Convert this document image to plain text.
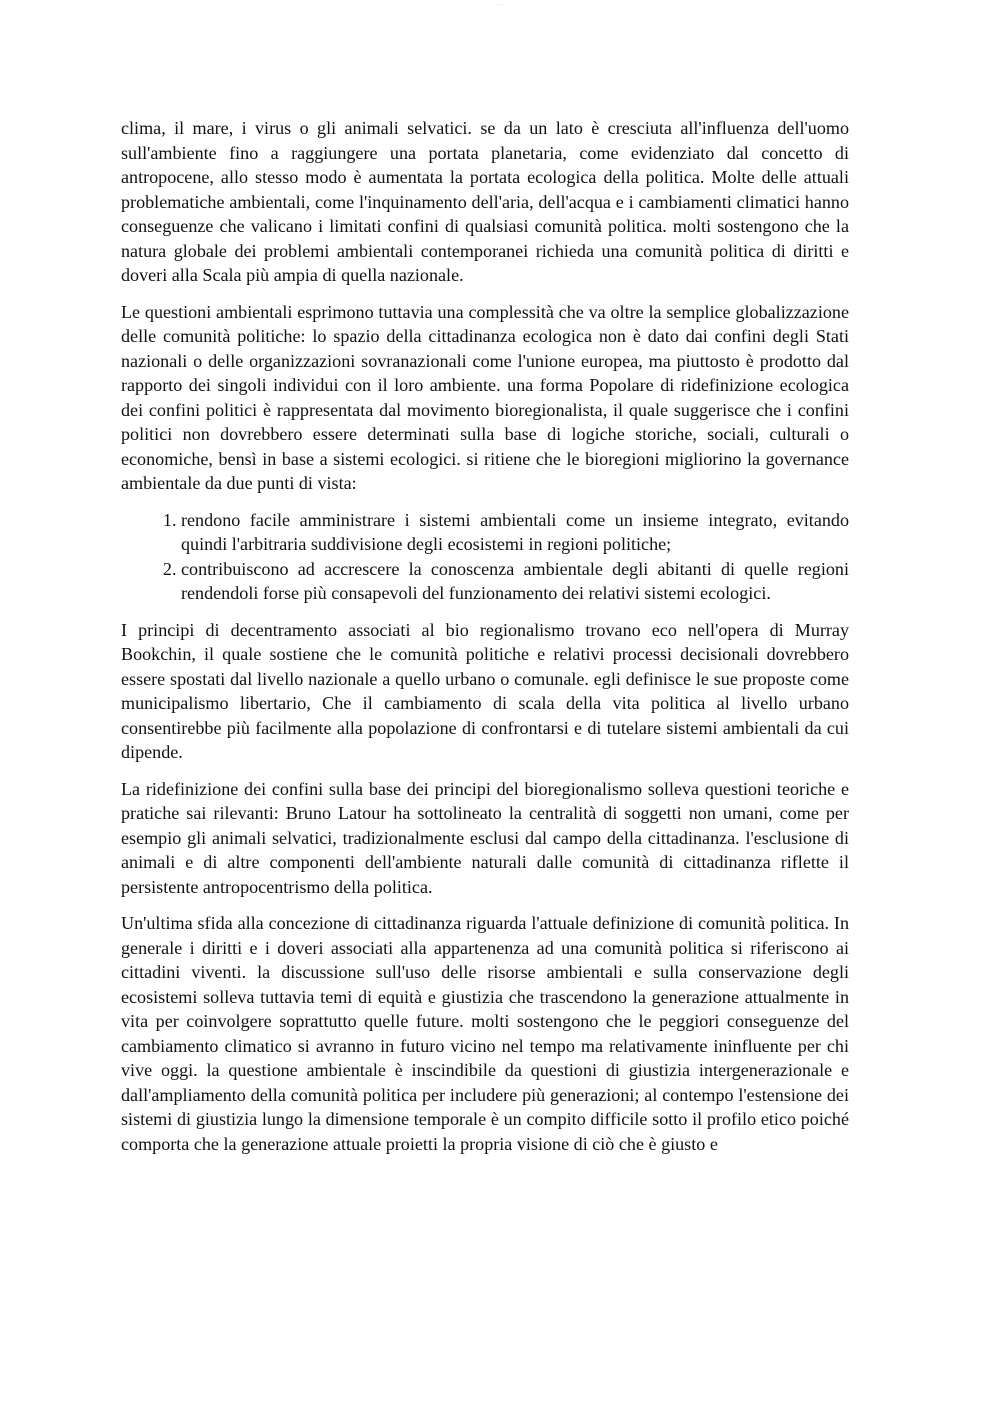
····

clima, il mare, i virus o gli animali selvatici. se da un lato è cresciuta all'influenza dell'uomo sull'ambiente fino a raggiungere una portata planetaria, come evidenziato dal concetto di antropocene, allo stesso modo è aumentata la portata ecologica della politica. Molte delle attuali problematiche ambientali, come l'inquinamento dell'aria, dell'acqua e i cambiamenti climatici hanno conseguenze che valicano i limitati confini di qualsiasi comunità politica. molti sostengono che la natura globale dei problemi ambientali contemporanei richieda una comunità politica di diritti e doveri alla Scala più ampia di quella nazionale.

Le questioni ambientali esprimono tuttavia una complessità che va oltre la semplice globalizzazione delle comunità politiche: lo spazio della cittadinanza ecologica non è dato dai confini degli Stati nazionali o delle organizzazioni sovranazionali come l'unione europea, ma piuttosto è prodotto dal rapporto dei singoli individui con il loro ambiente. una forma Popolare di ridefinizione ecologica dei confini politici è rappresentata dal movimento bioregionalista, il quale suggerisce che i confini politici non dovrebbero essere determinati sulla base di logiche storiche, sociali, culturali o economiche, bensì in base a sistemi ecologici. si ritiene che le bioregioni migliorino la governance ambientale da due punti di vista:

1. rendono facile amministrare i sistemi ambientali come un insieme integrato, evitando quindi l'arbitraria suddivisione degli ecosistemi in regioni politiche;
2. contribuiscono ad accrescere la conoscenza ambientale degli abitanti di quelle regioni rendendoli forse più consapevoli del funzionamento dei relativi sistemi ecologici.

I principi di decentramento associati al bio regionalismo trovano eco nell'opera di Murray Bookchin, il quale sostiene che le comunità politiche e relativi processi decisionali dovrebbero essere spostati dal livello nazionale a quello urbano o comunale. egli definisce le sue proposte come municipalismo libertario, Che il cambiamento di scala della vita politica al livello urbano consentirebbe più facilmente alla popolazione di confrontarsi e di tutelare sistemi ambientali da cui dipende.

La ridefinizione dei confini sulla base dei principi del bioregionalismo solleva questioni teoriche e pratiche sai rilevanti: Bruno Latour ha sottolineato la centralità di soggetti non umani, come per esempio gli animali selvatici, tradizionalmente esclusi dal campo della cittadinanza. l'esclusione di animali e di altre componenti dell'ambiente naturali dalle comunità di cittadinanza riflette il persistente antropocentrismo della politica.

Un'ultima sfida alla concezione di cittadinanza riguarda l'attuale definizione di comunità politica. In generale i diritti e i doveri associati alla appartenenza ad una comunità politica si riferiscono ai cittadini viventi. la discussione sull'uso delle risorse ambientali e sulla conservazione degli ecosistemi solleva tuttavia temi di equità e giustizia che trascendono la generazione attualmente in vita per coinvolgere soprattutto quelle future. molti sostengono che le peggiori conseguenze del cambiamento climatico si avranno in futuro vicino nel tempo ma relativamente ininfluente per chi vive oggi. la questione ambientale è inscindibile da questioni di giustizia intergenerazionale e dall'ampliamento della comunità politica per includere più generazioni; al contempo l'estensione dei sistemi di giustizia lungo la dimensione temporale è un compito difficile sotto il profilo etico poiché comporta che la generazione attuale proietti la propria visione di ciò che è giusto e
